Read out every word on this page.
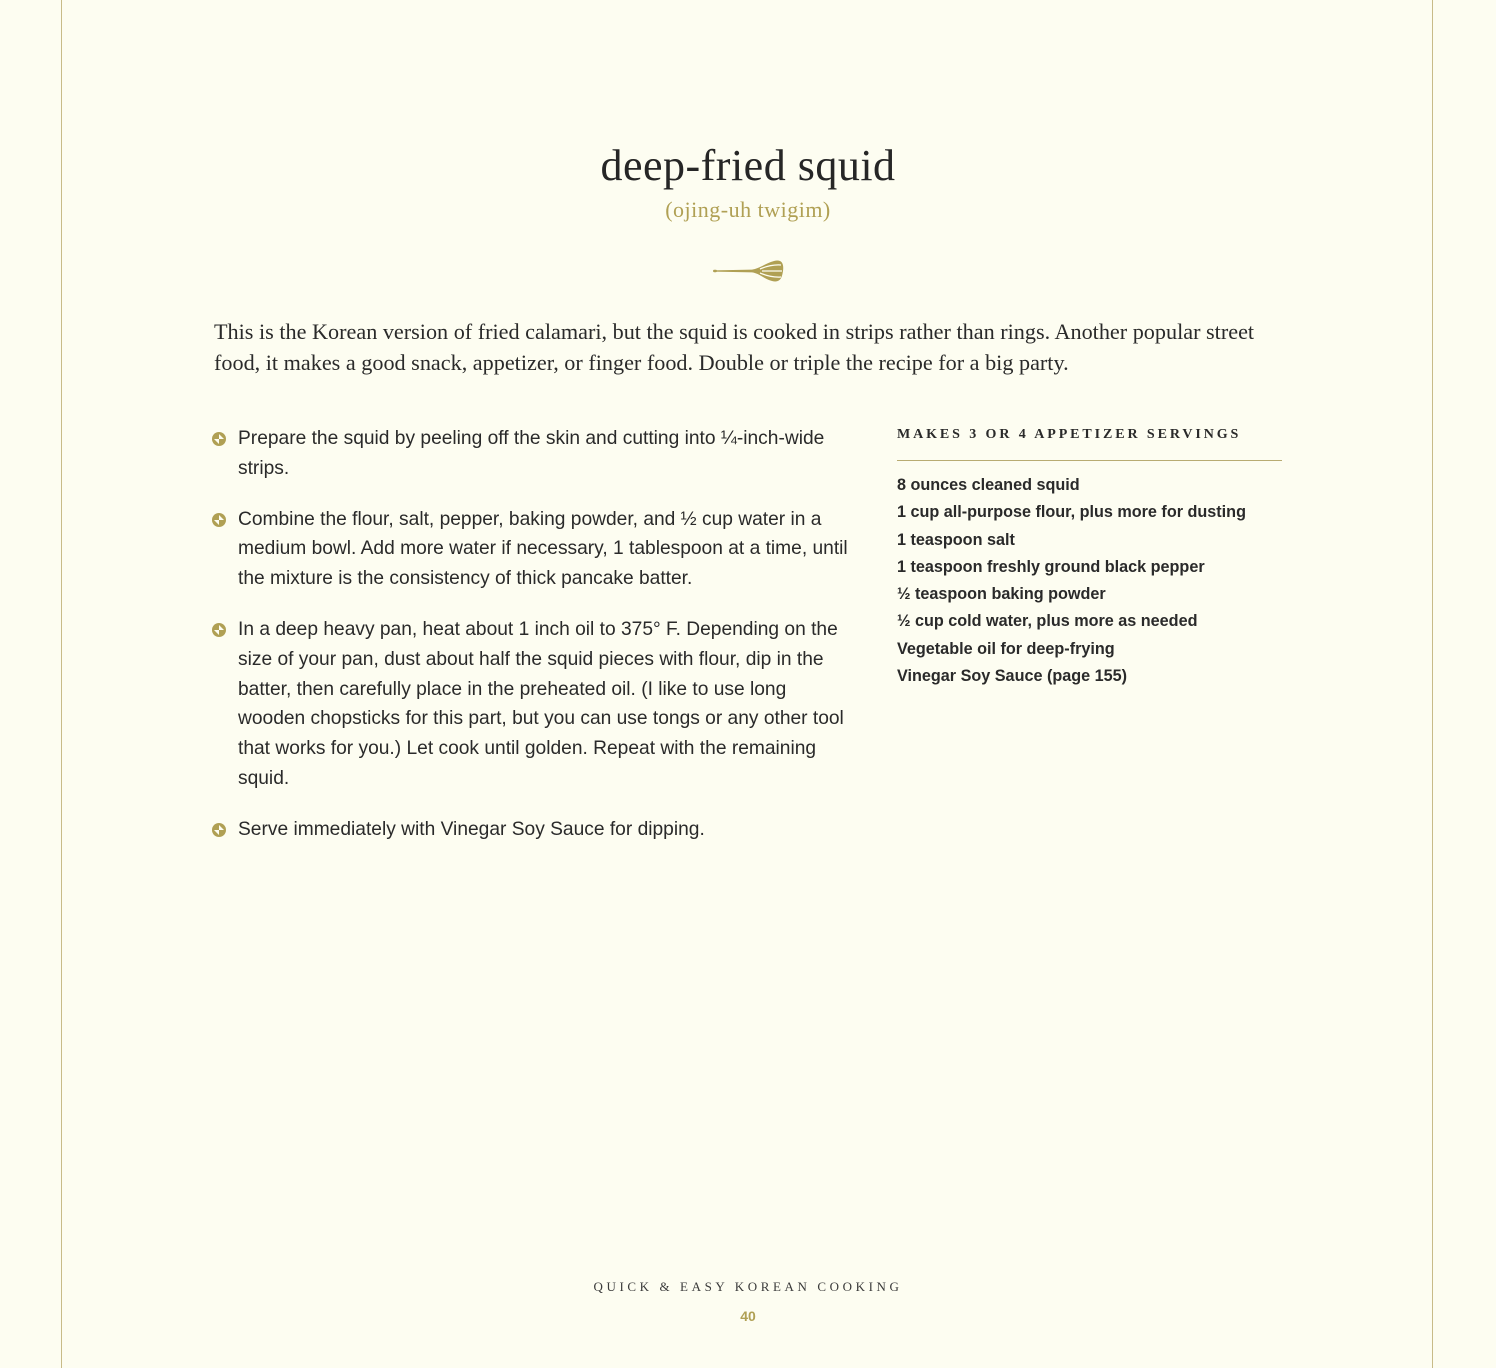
deep-fried squid
(ojing-uh twigim)

This is the Korean version of fried calamari, but the squid is cooked in strips rather than rings. Another popular street food, it makes a good snack, appetizer, or finger food. Double or triple the recipe for a big party.

Prepare the squid by peeling off the skin and cutting into ¼-inch-wide strips.
Combine the flour, salt, pepper, baking powder, and ½ cup water in a medium bowl. Add more water if necessary, 1 tablespoon at a time, until the mixture is the consistency of thick pancake batter.
In a deep heavy pan, heat about 1 inch oil to 375° F. Depending on the size of your pan, dust about half the squid pieces with flour, dip in the batter, then carefully place in the preheated oil. (I like to use long wooden chopsticks for this part, but you can use tongs or any other tool that works for you.) Let cook until golden. Repeat with the remaining squid.
Serve immediately with Vinegar Soy Sauce for dipping.
MAKES 3 OR 4 APPETIZER SERVINGS
8 ounces cleaned squid
1 cup all-purpose flour, plus more for dusting
1 teaspoon salt
1 teaspoon freshly ground black pepper
½ teaspoon baking powder
½ cup cold water, plus more as needed
Vegetable oil for deep-frying
Vinegar Soy Sauce (page 155)
QUICK & EASY KOREAN COOKING
40
